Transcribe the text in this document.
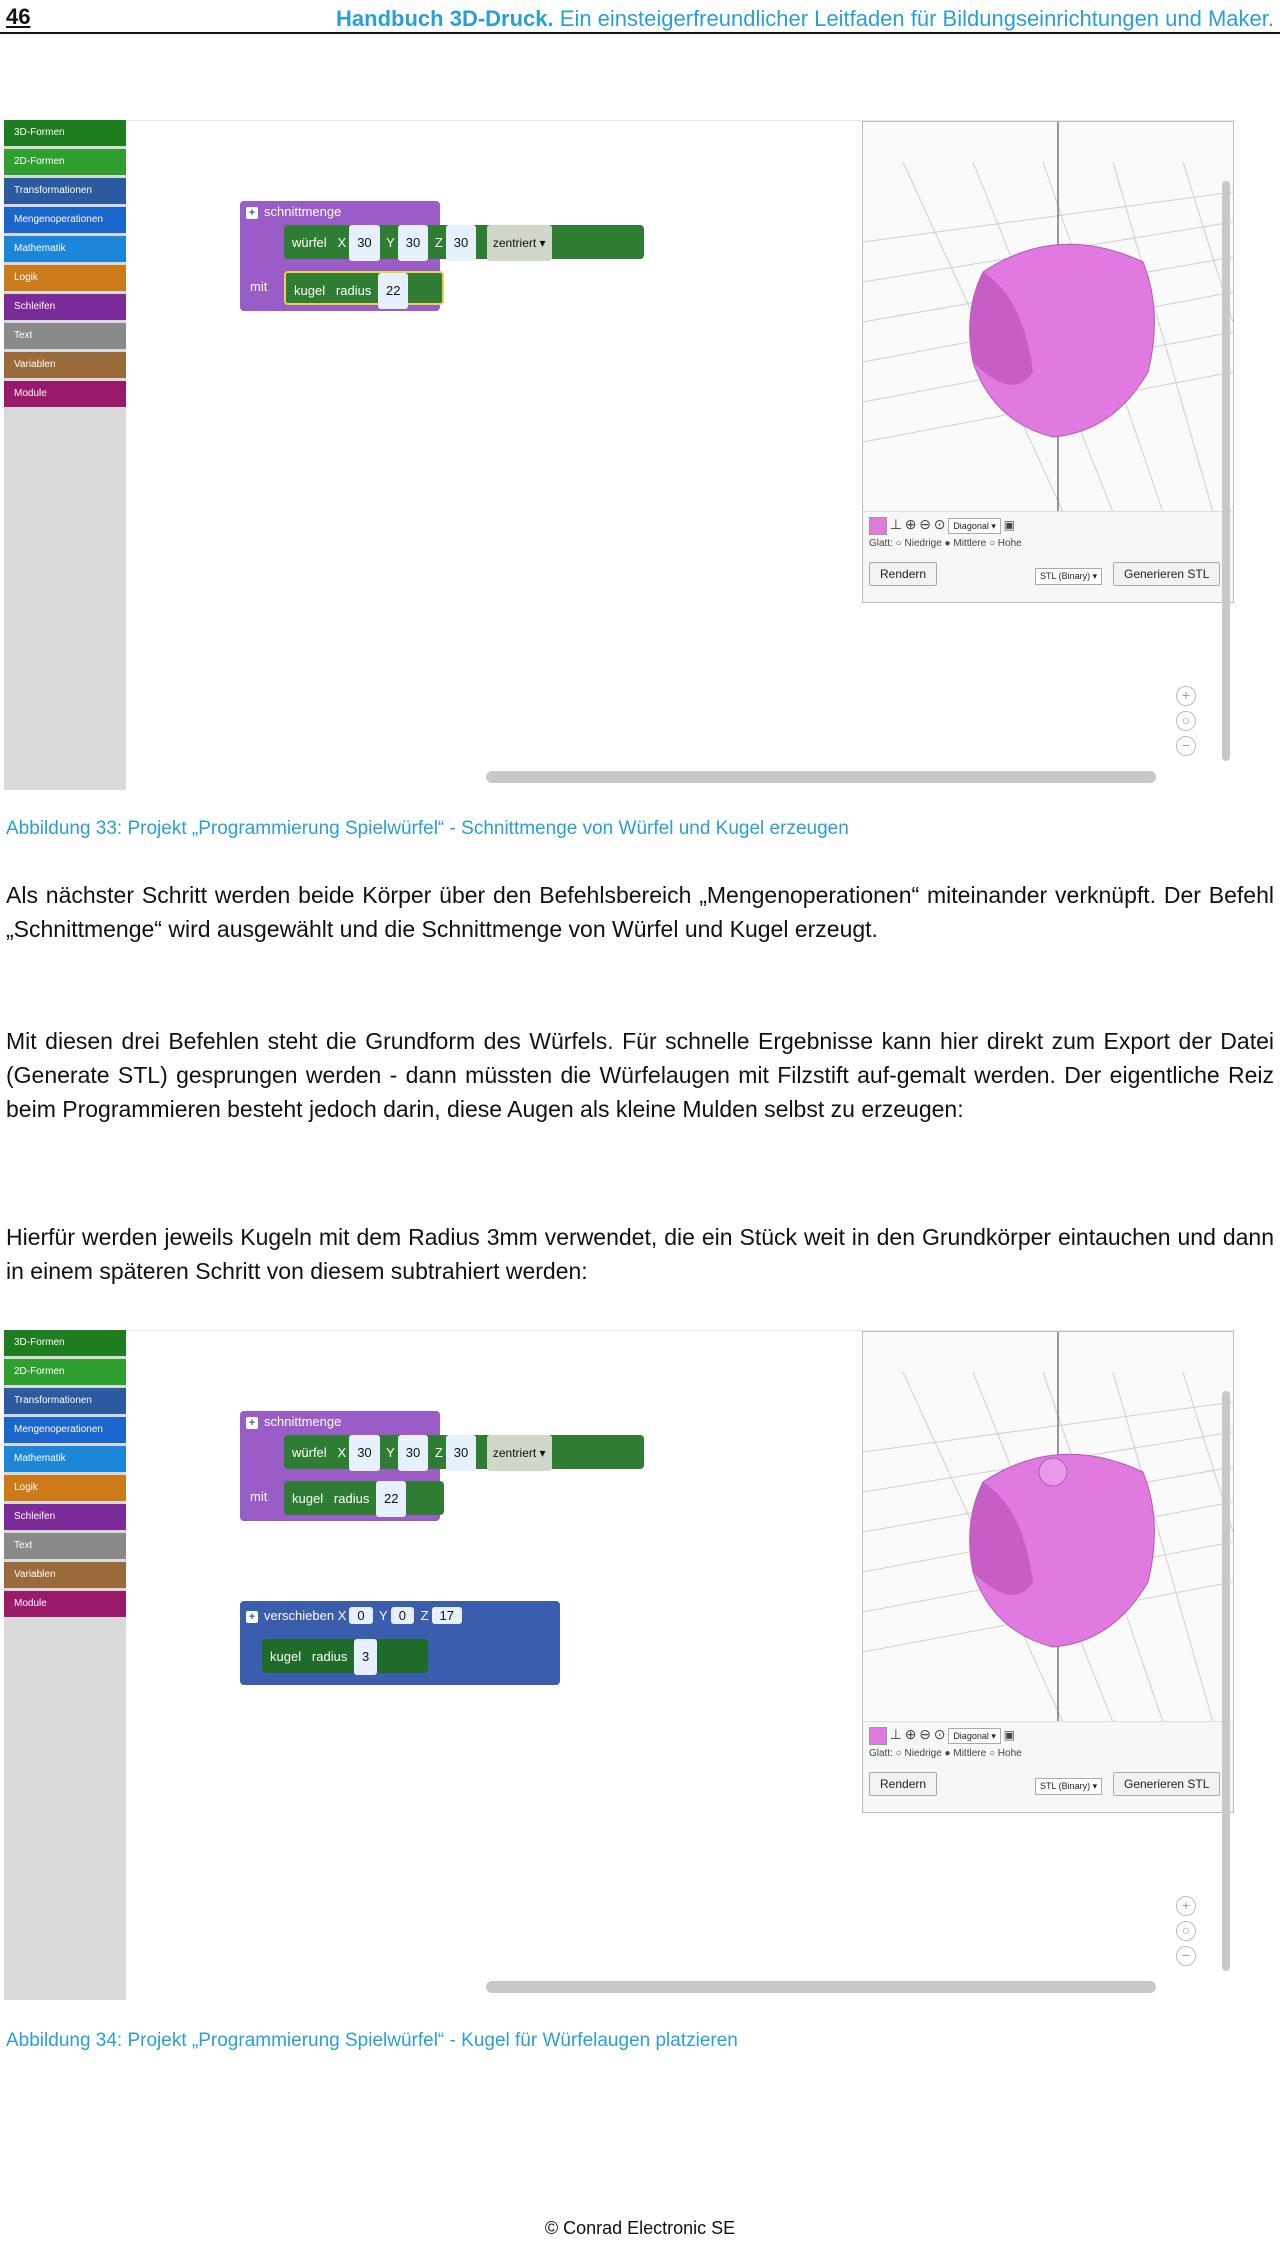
46	Handbuch 3D-Druck. Ein einsteigerfreundlicher Leitfaden für Bildungseinrichtungen und Maker.
3D-Formen
2D-Formen
Transformationen
Mengenoperationen
Mathematik
Logik
Schleifen
Text
Variablen
Module
+ schnittmenge
mit
würfel X 30 Y 30 Z 30 zentriert ▾
kugel radius 22
⊥ ⊕ ⊖ ⊙ Diagonal ▾ ▣
Glatt: ○ Niedrige ● Mittlere ○ Hohe
Rendern	STL (Binary) ▾	Generieren STL
+
○
−
Abbildung 33: Projekt „Programmierung Spielwürfel“ - Schnittmenge von Würfel und Kugel erzeugen
Als nächster Schritt werden beide Körper über den Befehlsbereich „Mengenoperationen“ miteinander verknüpft. Der Befehl „Schnittmenge“ wird ausgewählt und die Schnittmenge von Würfel und Kugel erzeugt.
Mit diesen drei Befehlen steht die Grundform des Würfels. Für schnelle Ergebnisse kann hier direkt zum Export der Datei (Generate STL) gesprungen werden - dann müssten die Würfelaugen mit Filzstift auf-gemalt werden. Der eigentliche Reiz beim Programmieren besteht jedoch darin, diese Augen als kleine Mulden selbst zu erzeugen:
Hierfür werden jeweils Kugeln mit dem Radius 3mm verwendet, die ein Stück weit in den Grundkörper eintauchen und dann in einem späteren Schritt von diesem subtrahiert werden:
3D-Formen
2D-Formen
Transformationen
Mengenoperationen
Mathematik
Logik
Schleifen
Text
Variablen
Module
+ schnittmenge
mit
würfel X 30 Y 30 Z 30 zentriert ▾
kugel radius 22
+ verschieben X 0 Y 0 Z 17
kugel radius 3
⊥ ⊕ ⊖ ⊙ Diagonal ▾ ▣
Glatt: ○ Niedrige ● Mittlere ○ Hohe
Rendern	STL (Binary) ▾	Generieren STL
+
○
−
Abbildung 34: Projekt „Programmierung Spielwürfel“ - Kugel für Würfelaugen platzieren
© Conrad Electronic SE
